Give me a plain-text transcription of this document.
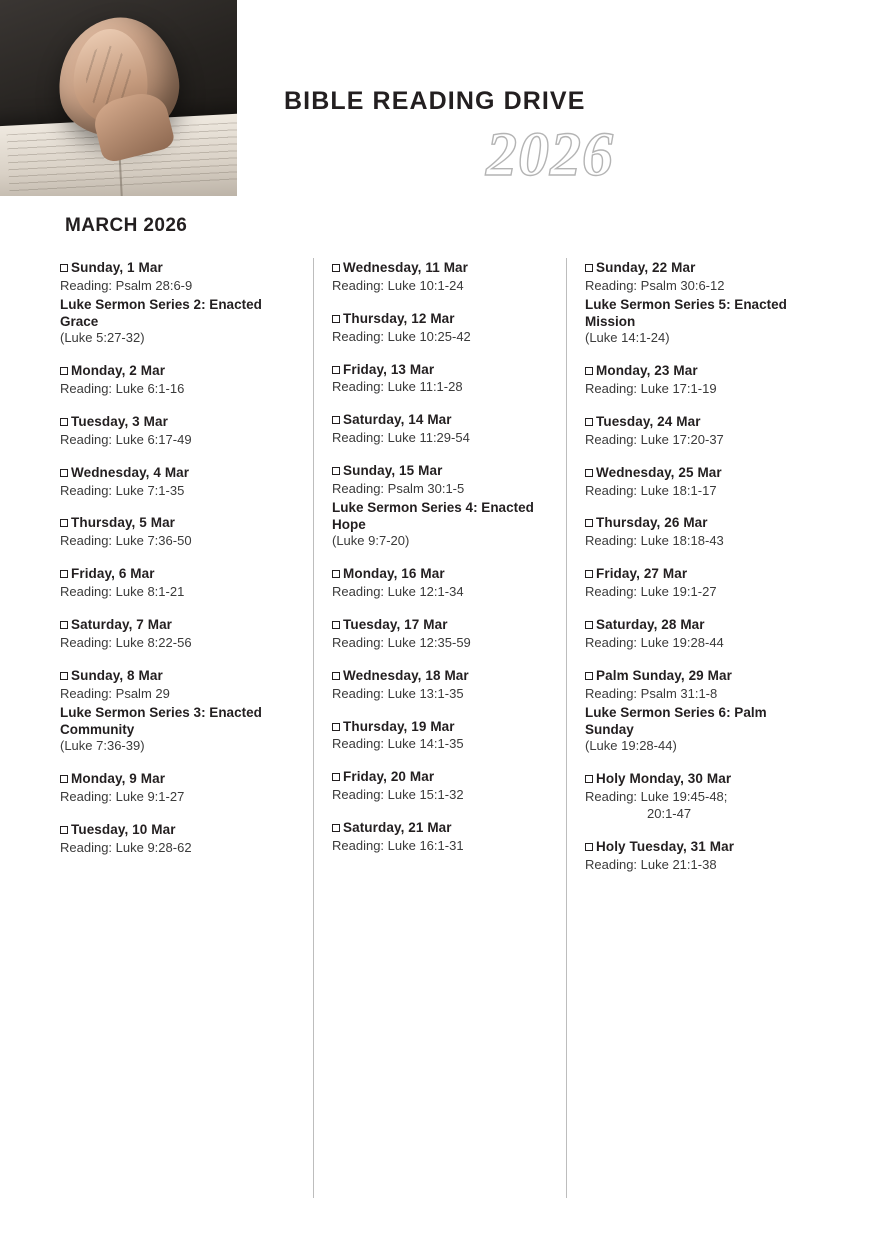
BIBLE READING DRIVE
2026
MARCH 2026
Sunday, 1 Mar
Reading: Psalm 28:6-9
Luke Sermon Series 2: Enacted Grace
(Luke 5:27-32)
Monday, 2 Mar
Reading: Luke 6:1-16
Tuesday, 3 Mar
Reading: Luke 6:17-49
Wednesday, 4 Mar
Reading: Luke 7:1-35
Thursday, 5 Mar
Reading: Luke 7:36-50
Friday, 6 Mar
Reading: Luke 8:1-21
Saturday, 7 Mar
Reading: Luke 8:22-56
Sunday, 8 Mar
Reading: Psalm 29
Luke Sermon Series 3: Enacted Community
(Luke 7:36-39)
Monday, 9 Mar
Reading: Luke 9:1-27
Tuesday, 10 Mar
Reading: Luke 9:28-62
Wednesday, 11 Mar
Reading: Luke 10:1-24
Thursday, 12 Mar
Reading: Luke 10:25-42
Friday, 13 Mar
Reading: Luke 11:1-28
Saturday, 14 Mar
Reading: Luke 11:29-54
Sunday, 15 Mar
Reading: Psalm 30:1-5
Luke Sermon Series 4: Enacted Hope
(Luke 9:7-20)
Monday, 16 Mar
Reading: Luke 12:1-34
Tuesday, 17 Mar
Reading: Luke 12:35-59
Wednesday, 18 Mar
Reading: Luke 13:1-35
Thursday, 19 Mar
Reading: Luke 14:1-35
Friday, 20 Mar
Reading: Luke 15:1-32
Saturday, 21 Mar
Reading: Luke 16:1-31
Sunday, 22 Mar
Reading: Psalm 30:6-12
Luke Sermon Series 5: Enacted Mission
(Luke 14:1-24)
Monday, 23 Mar
Reading: Luke 17:1-19
Tuesday, 24 Mar
Reading: Luke 17:20-37
Wednesday, 25 Mar
Reading: Luke 18:1-17
Thursday, 26 Mar
Reading: Luke 18:18-43
Friday, 27 Mar
Reading: Luke 19:1-27
Saturday, 28 Mar
Reading: Luke 19:28-44
Palm Sunday, 29 Mar
Reading: Psalm 31:1-8
Luke Sermon Series 6: Palm Sunday
(Luke 19:28-44)
Holy Monday, 30 Mar
Reading: Luke 19:45-48;
20:1-47
Holy Tuesday, 31 Mar
Reading: Luke 21:1-38
